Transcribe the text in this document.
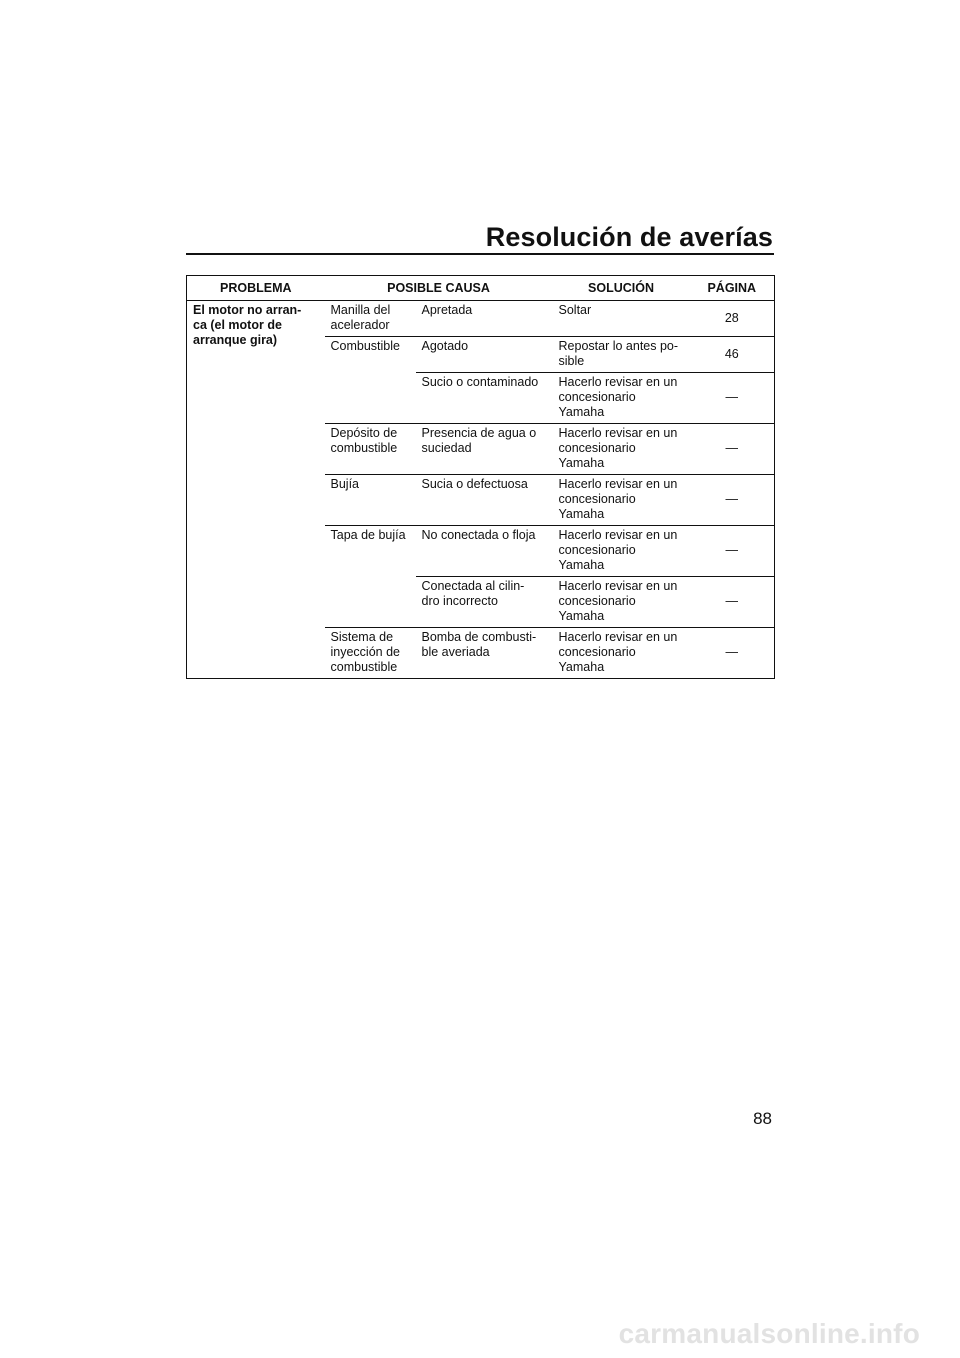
Resolución de averías
PROBLEMA	POSIBLE CAUSA		SOLUCIÓN	PÁGINA
El motor no arran-
ca (el motor de
arranque gira)	Manilla del
acelerador	Apretada	Soltar	28
	Combustible	Agotado	Repostar lo antes po-
sible	46
		Sucio o contaminado	Hacerlo revisar en un
concesionario
Yamaha	—
	Depósito de
combustible	Presencia de agua o
suciedad	Hacerlo revisar en un
concesionario
Yamaha	—
	Bujía	Sucia o defectuosa	Hacerlo revisar en un
concesionario
Yamaha	—
	Tapa de bujía	No conectada o floja	Hacerlo revisar en un
concesionario
Yamaha	—
		Conectada al cilin-
dro incorrecto	Hacerlo revisar en un
concesionario
Yamaha	—
	Sistema de
inyección de
combustible	Bomba de combusti-
ble averiada	Hacerlo revisar en un
concesionario
Yamaha	—
88
carmanualsonline.info
